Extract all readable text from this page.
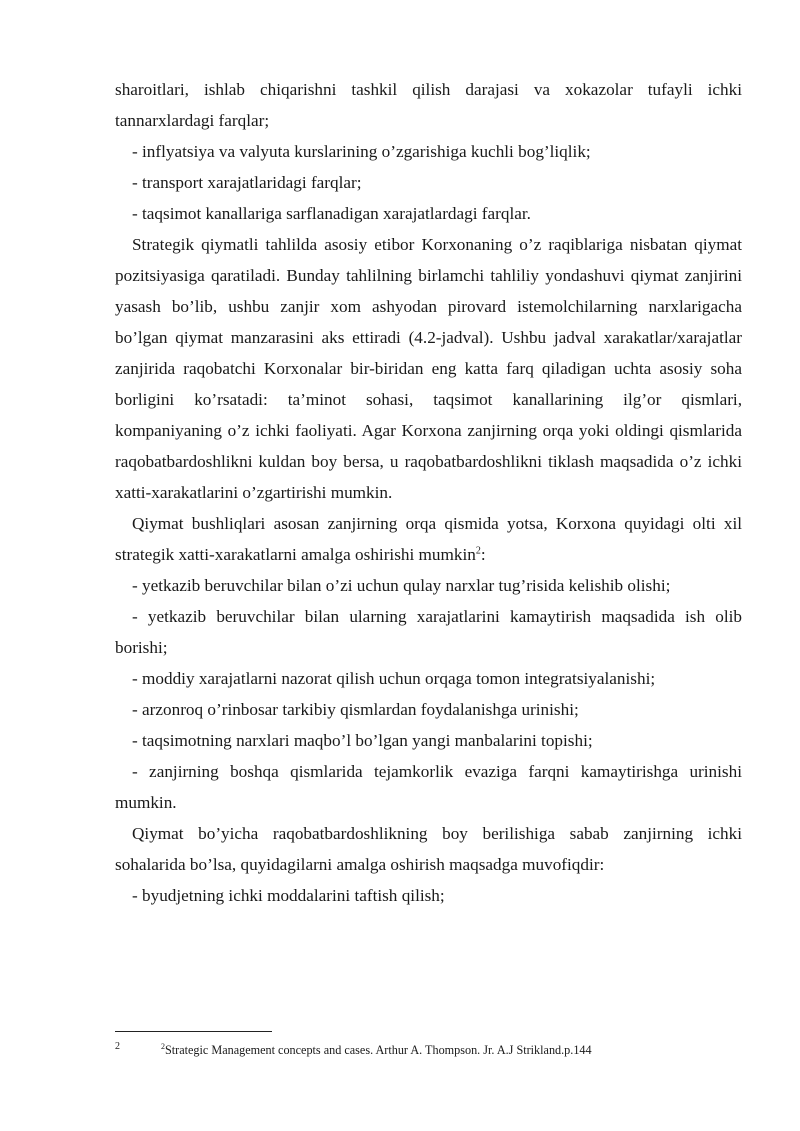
sharoitlari, ishlab chiqarishni tashkil qilish darajasi va xokazolar tufayli ichki tannarxlardagi farqlar;

- inflyatsiya va valyuta kurslarining o’zgarishiga kuchli bog’liqlik;

- transport xarajatlaridagi farqlar;

- taqsimot kanallariga sarflanadigan xarajatlardagi farqlar.

Strategik qiymatli tahlilda asosiy etibor Korxonaning o’z raqiblariga nisbatan qiymat pozitsiyasiga qaratiladi. Bunday tahlilning birlamchi tahliliy yondashuvi qiymat zanjirini yasash bo’lib, ushbu zanjir xom ashyodan pirovard istemolchilarning narxlarigacha bo’lgan qiymat manzarasini aks ettiradi (4.2-jadval). Ushbu jadval xarakatlar/xarajatlar zanjirida raqobatchi Korxonalar bir-biridan eng katta farq qiladigan uchta asosiy soha borligini ko’rsatadi: ta’minot sohasi, taqsimot kanallarining ilg’or qismlari, kompaniyaning o’z ichki faoliyati. Agar Korxona zanjirning orqa yoki oldingi qismlarida raqobatbardoshlikni kuldan boy bersa, u raqobatbardoshlikni tiklash maqsadida o’z ichki xatti-xarakatlarini o’zgartirishi mumkin.

Qiymat bushliqlari asosan zanjirning orqa qismida yotsa, Korxona quyidagi olti xil strategik xatti-xarakatlarni amalga oshirishi mumkin$^2$:

- yetkazib beruvchilar bilan o’zi uchun qulay narxlar tug’risida kelishib olishi;

- yetkazib beruvchilar bilan ularning xarajatlarini kamaytirish maqsadida ish olib borishi;

- moddiy xarajatlarni nazorat qilish uchun orqaga tomon integratsiyalanishi;

- arzonroq o’rinbosar tarkibiy qismlardan foydalanishga urinishi;

- taqsimotning narxlari maqbo’l bo’lgan yangi manbalarini topishi;

- zanjirning boshqa qismlarida tejamkorlik evaziga farqni kamaytirishga urinishi mumkin.

Qiymat bo’yicha raqobatbardoshlikning boy berilishiga sabab zanjirning ichki sohalarida bo’lsa, quyidagilarni amalga oshirish maqsadga muvofiqdir:

- byudjetning ichki moddalarini taftish qilish;

2	$^2$Strategic Management concepts and cases. Arthur A. Thompson. Jr. A.J Strikland.p.144
